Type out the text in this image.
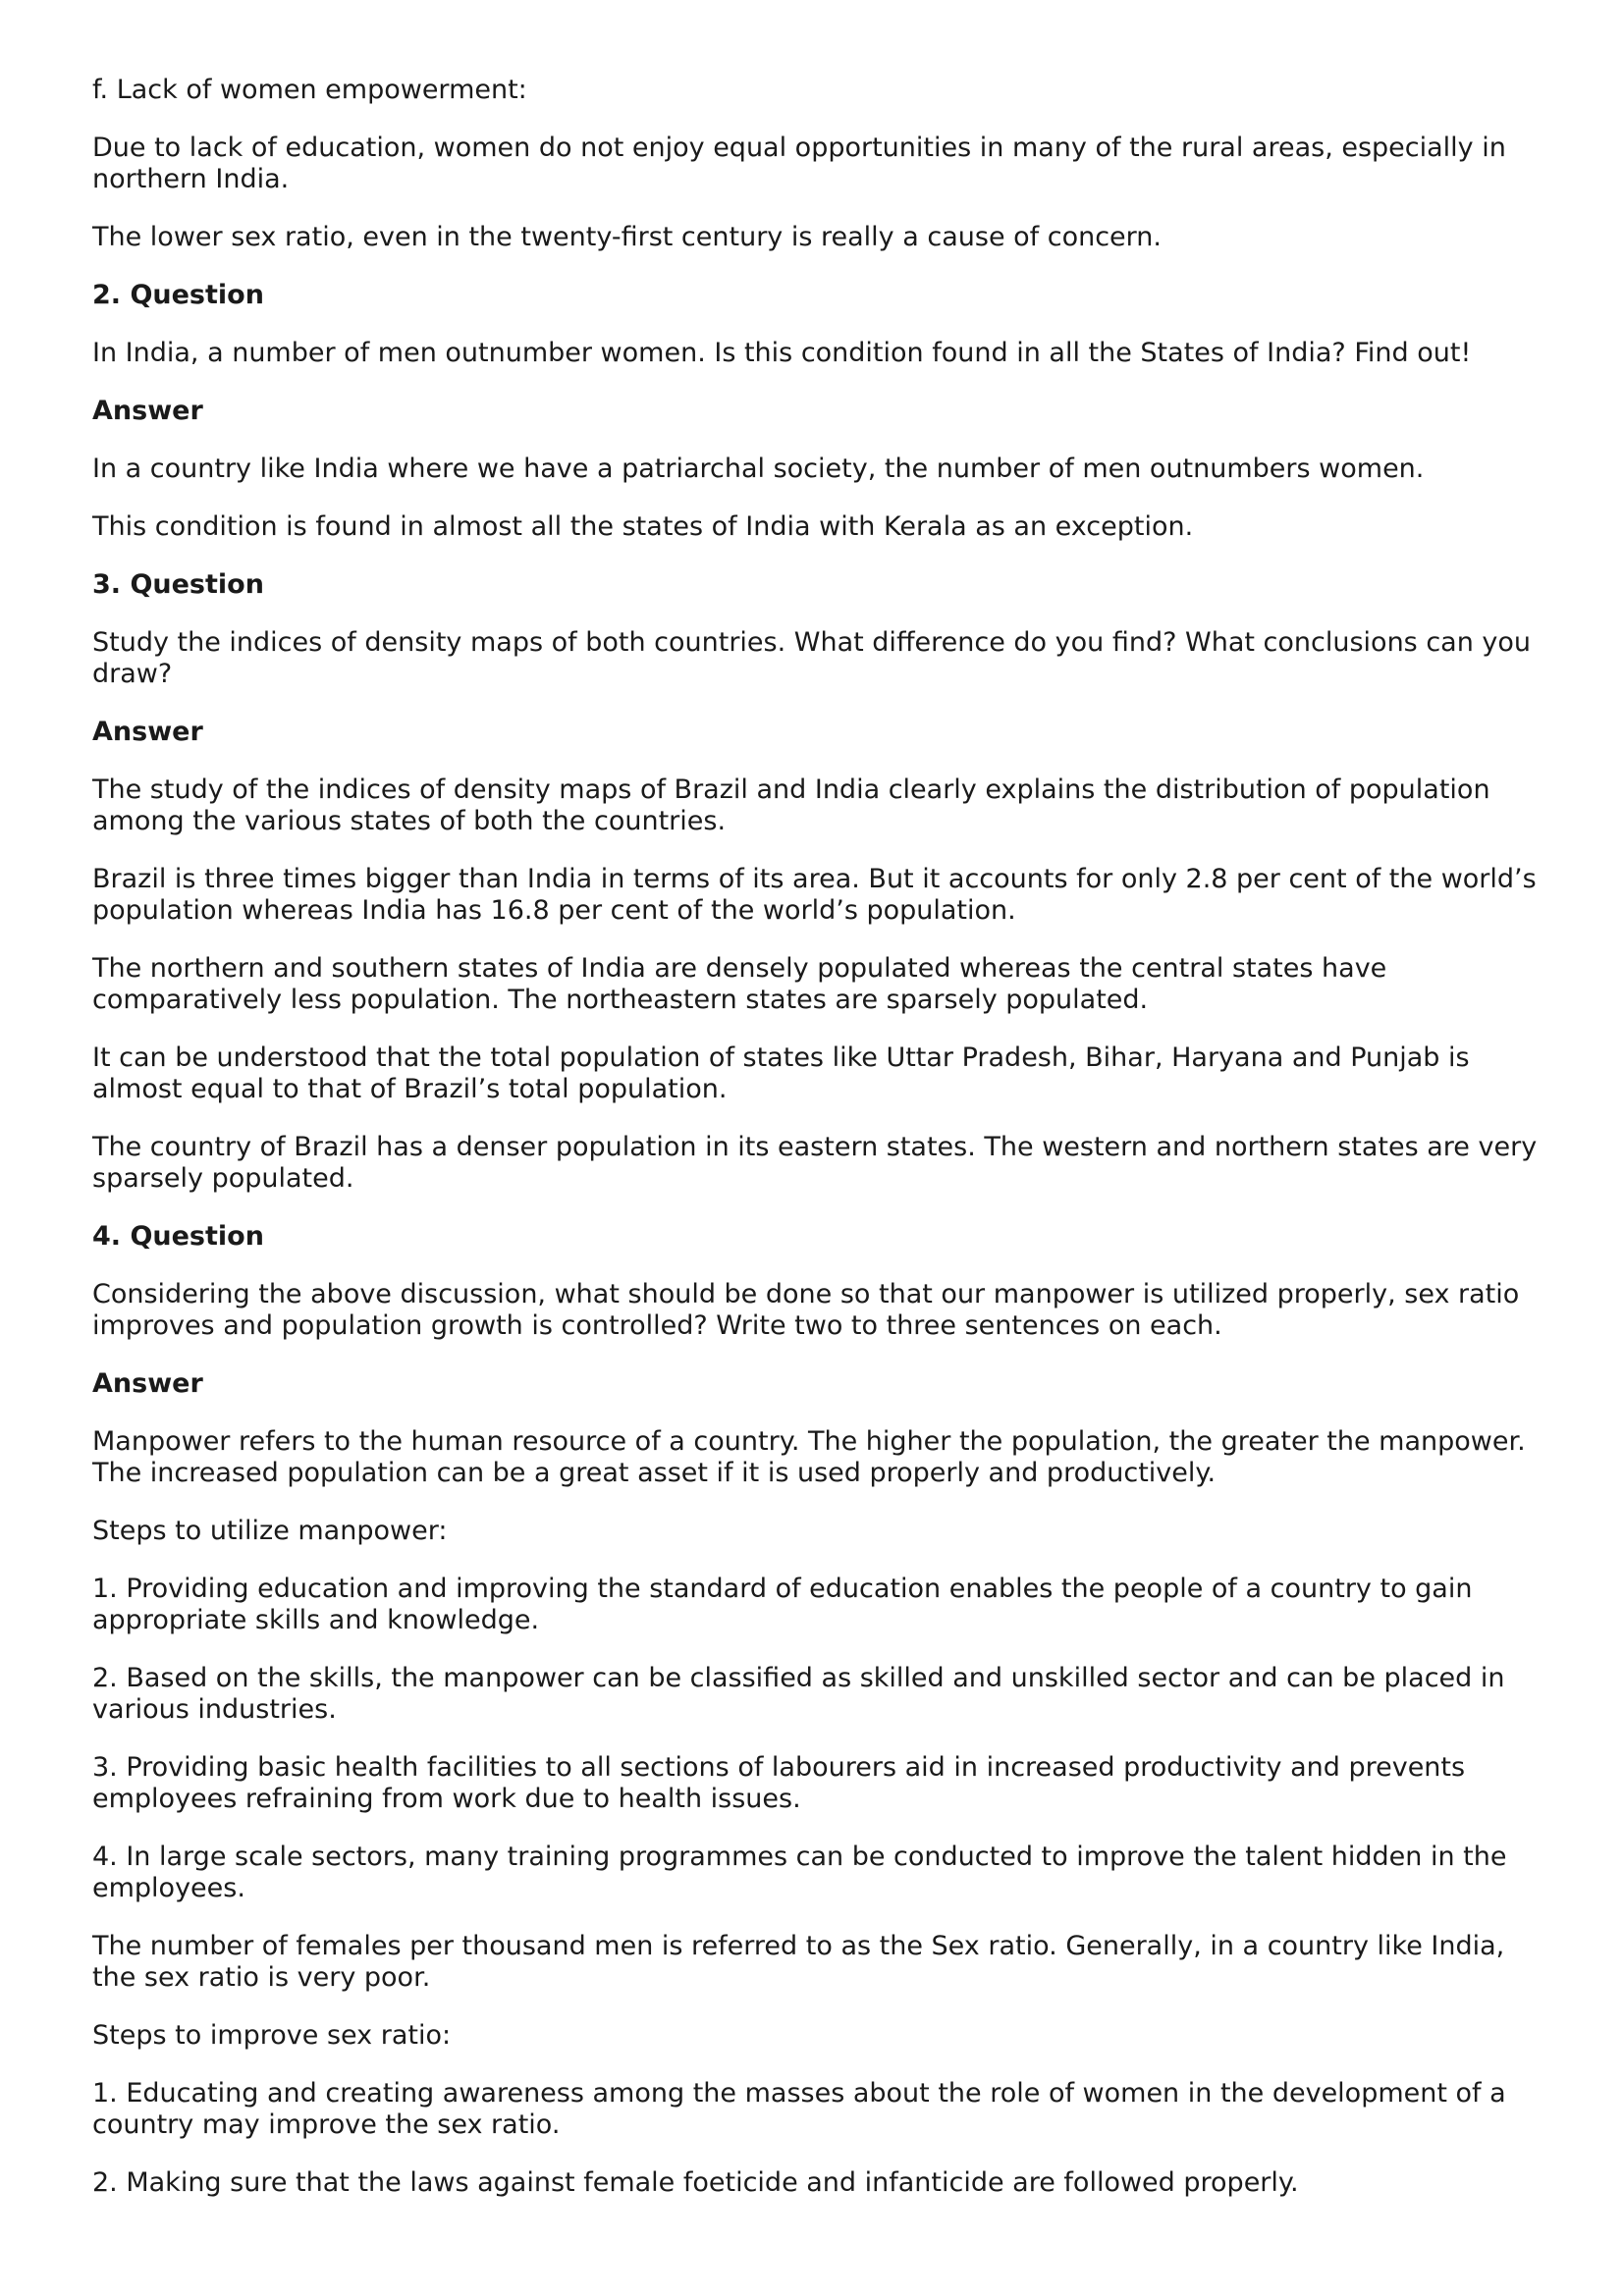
f. Lack of women empowerment:

Due to lack of education, women do not enjoy equal opportunities in many of the rural areas, especially in northern India.

The lower sex ratio, even in the twenty-first century is really a cause of concern.

2. Question

In India, a number of men outnumber women. Is this condition found in all the States of India? Find out!

Answer

In a country like India where we have a patriarchal society, the number of men outnumbers women.

This condition is found in almost all the states of India with Kerala as an exception.

3. Question

Study the indices of density maps of both countries. What difference do you find? What conclusions can you draw?

Answer

The study of the indices of density maps of Brazil and India clearly explains the distribution of population among the various states of both the countries.

Brazil is three times bigger than India in terms of its area. But it accounts for only 2.8 per cent of the world’s population whereas India has 16.8 per cent of the world’s population.

The northern and southern states of India are densely populated whereas the central states have comparatively less population. The northeastern states are sparsely populated.

It can be understood that the total population of states like Uttar Pradesh, Bihar, Haryana and Punjab is almost equal to that of Brazil’s total population.

The country of Brazil has a denser population in its eastern states. The western and northern states are very sparsely populated.

4. Question

Considering the above discussion, what should be done so that our manpower is utilized properly, sex ratio improves and population growth is controlled? Write two to three sentences on each.

Answer

Manpower refers to the human resource of a country. The higher the population, the greater the manpower. The increased population can be a great asset if it is used properly and productively.

Steps to utilize manpower:

1. Providing education and improving the standard of education enables the people of a country to gain appropriate skills and knowledge.

2. Based on the skills, the manpower can be classified as skilled and unskilled sector and can be placed in various industries.

3. Providing basic health facilities to all sections of labourers aid in increased productivity and prevents employees refraining from work due to health issues.

4. In large scale sectors, many training programmes can be conducted to improve the talent hidden in the employees.

The number of females per thousand men is referred to as the Sex ratio. Generally, in a country like India, the sex ratio is very poor.

Steps to improve sex ratio:

1. Educating and creating awareness among the masses about the role of women in the development of a country may improve the sex ratio.

2. Making sure that the laws against female foeticide and infanticide are followed properly.
